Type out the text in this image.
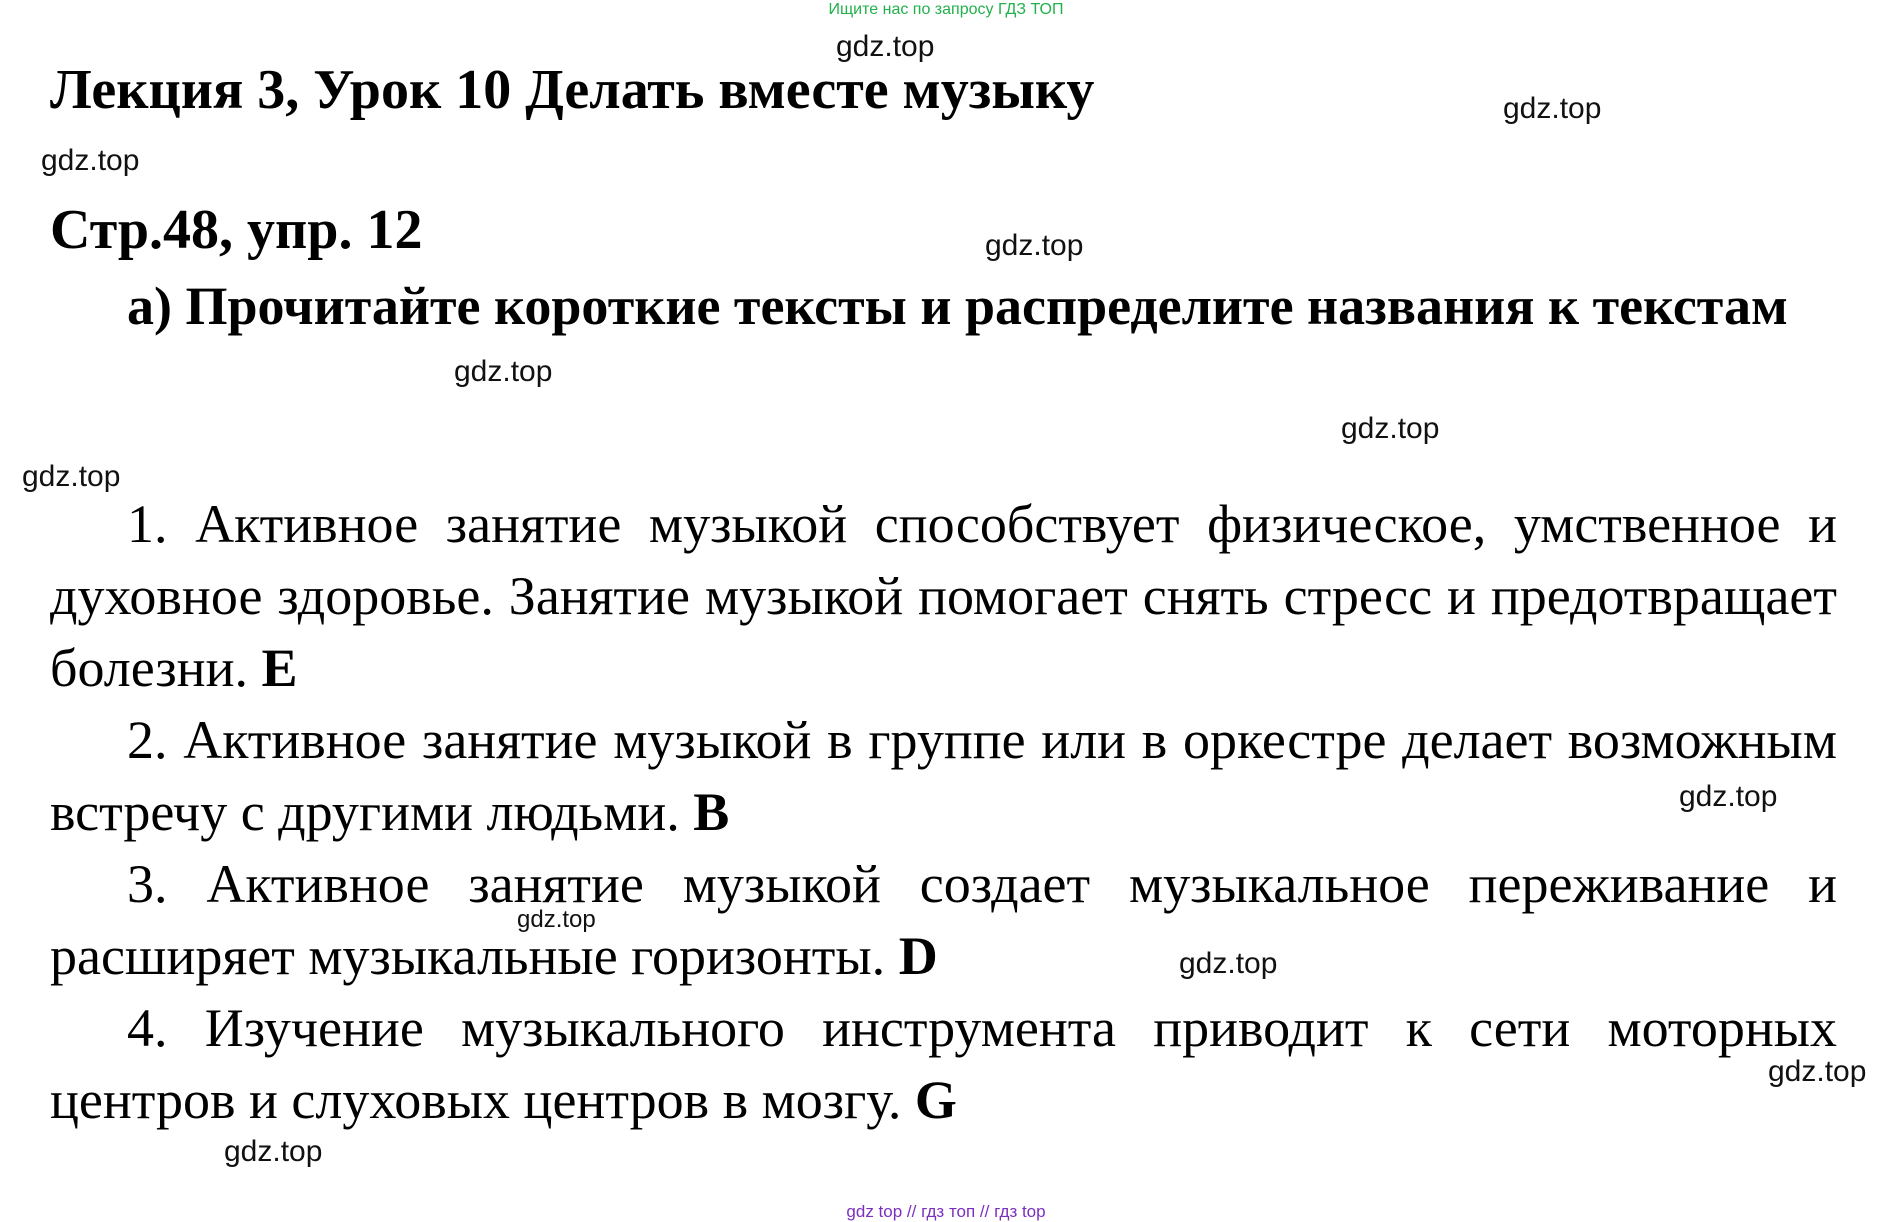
Ищите нас по запросу ГДЗ ТОП
Лекция 3, Урок 10 Делать вместе музыку
Стр.48, упр. 12

а) Прочитайте короткие тексты и распределите названия к текстам

1. Активное занятие музыкой способствует физическое, умственное и духовное здоровье. Занятие музыкой помогает снять стресс и предотвращает болезни. E

2. Активное занятие музыкой в группе или в оркестре делает возможным встречу с другими людьми. B

3. Активное занятие музыкой создает музыкальное переживание и расширяет музыкальные горизонты. D

4. Изучение музыкального инструмента приводит к сети моторных центров и слуховых центров в мозгу. G

gdz.top
gdz.top
gdz.top
gdz.top
gdz.top
gdz.top
gdz.top
gdz.top
gdz.top
gdz.top
gdz.top
gdz.top
gdz top // гдз топ // гдз top
